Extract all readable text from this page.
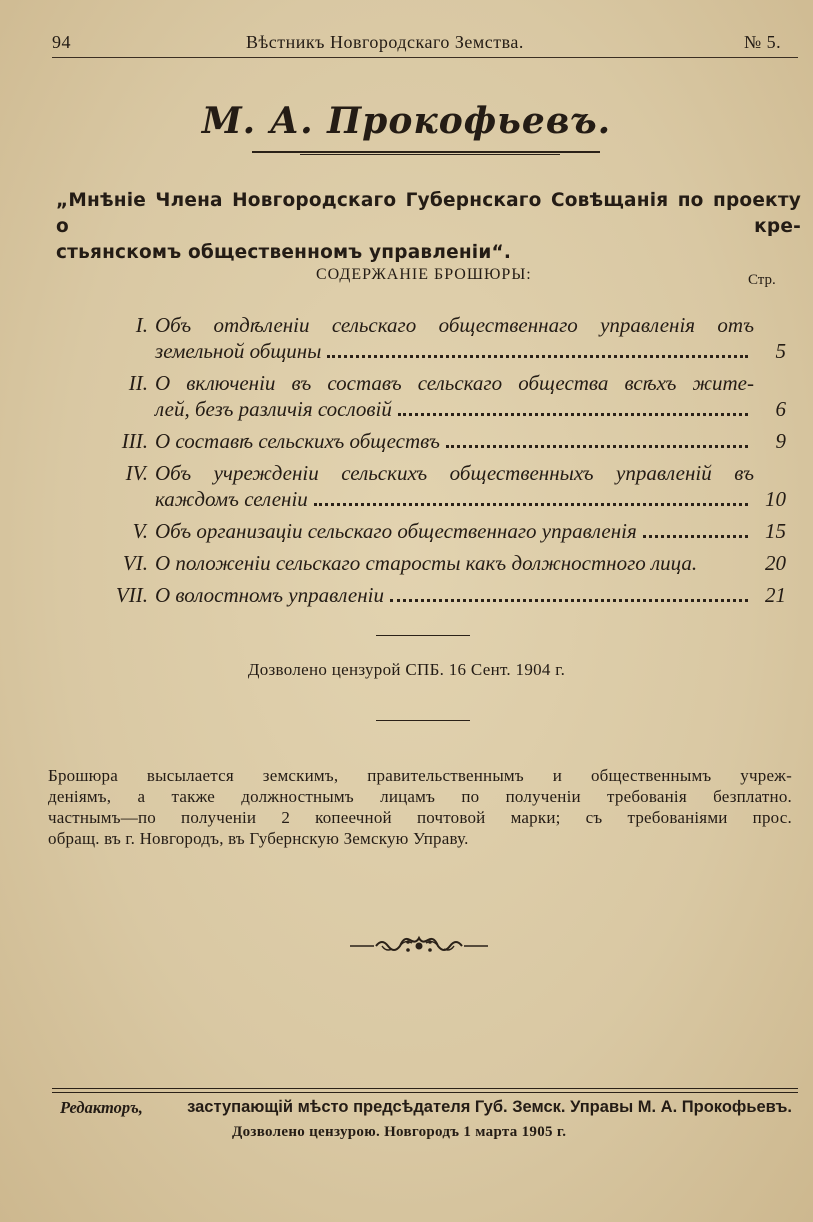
94	Вѣстникъ Новгородскаго Земства.	№ 5.
М. А. Прокофьевъ.
„Мнѣніе Члена Новгородскаго Губернскаго Совѣщанія по проекту о кре-
стьянскомъ общественномъ управленіи“.
СОДЕРЖАНІЕ БРОШЮРЫ:	Стр.
I. Объ отдѣленіи сельскаго общественнаго управленія отъ
земельной общины	5
II. О включеніи въ составъ сельскаго общества всѣхъ жите-
лей, безъ различія сословій	6
III. О составѣ сельскихъ обществъ	9
IV. Объ учрежденіи сельскихъ общественныхъ управленій въ
каждомъ селеніи	10
V. Объ организаціи сельскаго общественнаго управленія	15
VI. О положеніи сельскаго старосты какъ должностного лица.	20
VII. О волостномъ управленіи	21
Дозволено цензурой СПБ. 16 Сент. 1904 г.
Брошюра высылается земскимъ, правительственнымъ и общественнымъ учреж-
деніямъ, а также должностнымъ лицамъ по полученіи требованія безплатно.
частнымъ—по полученіи 2 копеечной почтовой марки; съ требованіями прос.
обращ. въ г. Новгородъ, въ Губернскую Земскую Управу.
Редакторъ,	заступающій мѣсто предсѣдателя Губ. Земск. Управы М. А. Прокофьевъ.
Дозволено цензурою. Новгородъ 1 марта 1905 г.
